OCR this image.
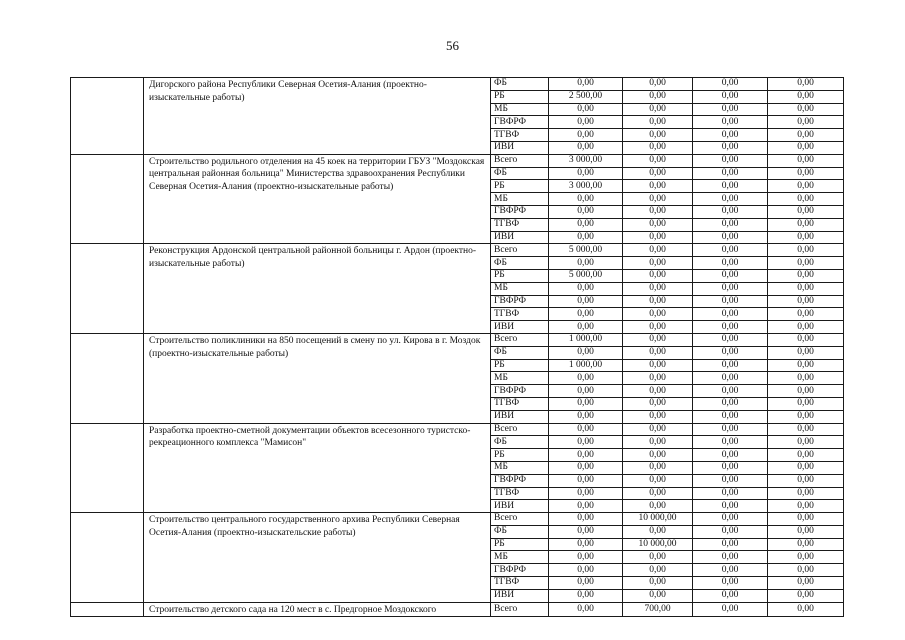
56
	Дигорского района Республики Северная Осетия-Алания (проектно-изыскательные работы)	ФБ	0,00	0,00	0,00	0,00
		РБ	2 500,00	0,00	0,00	0,00
		МБ	0,00	0,00	0,00	0,00
		ГВФРФ	0,00	0,00	0,00	0,00
		ТГВФ	0,00	0,00	0,00	0,00
		ИВИ	0,00	0,00	0,00	0,00
	Строительство родильного отделения на 45 коек на территории ГБУЗ "Моздокская центральная районная больница" Министерства здравоохранения Республики Северная Осетия-Алания (проектно-изыскательные работы)	Всего	3 000,00	0,00	0,00	0,00
		ФБ	0,00	0,00	0,00	0,00
		РБ	3 000,00	0,00	0,00	0,00
		МБ	0,00	0,00	0,00	0,00
		ГВФРФ	0,00	0,00	0,00	0,00
		ТГВФ	0,00	0,00	0,00	0,00
		ИВИ	0,00	0,00	0,00	0,00
	Реконструкция Ардонской центральной районной больницы г. Ардон (проектно-изыскательные работы)	Всего	5 000,00	0,00	0,00	0,00
		ФБ	0,00	0,00	0,00	0,00
		РБ	5 000,00	0,00	0,00	0,00
		МБ	0,00	0,00	0,00	0,00
		ГВФРФ	0,00	0,00	0,00	0,00
		ТГВФ	0,00	0,00	0,00	0,00
		ИВИ	0,00	0,00	0,00	0,00
	Строительство поликлиники на 850 посещений в смену по ул. Кирова в г. Моздок (проектно-изыскательные работы)	Всего	1 000,00	0,00	0,00	0,00
		ФБ	0,00	0,00	0,00	0,00
		РБ	1 000,00	0,00	0,00	0,00
		МБ	0,00	0,00	0,00	0,00
		ГВФРФ	0,00	0,00	0,00	0,00
		ТГВФ	0,00	0,00	0,00	0,00
		ИВИ	0,00	0,00	0,00	0,00
	Разработка проектно-сметной документации объектов всесезонного туристско-рекреационного комплекса "Мамисон"	Всего	0,00	0,00	0,00	0,00
		ФБ	0,00	0,00	0,00	0,00
		РБ	0,00	0,00	0,00	0,00
		МБ	0,00	0,00	0,00	0,00
		ГВФРФ	0,00	0,00	0,00	0,00
		ТГВФ	0,00	0,00	0,00	0,00
		ИВИ	0,00	0,00	0,00	0,00
	Строительство центрального государственного архива Республики Северная Осетия-Алания (проектно-изыскательские работы)	Всего	0,00	10 000,00	0,00	0,00
		ФБ	0,00	0,00	0,00	0,00
		РБ	0,00	10 000,00	0,00	0,00
		МБ	0,00	0,00	0,00	0,00
		ГВФРФ	0,00	0,00	0,00	0,00
		ТГВФ	0,00	0,00	0,00	0,00
		ИВИ	0,00	0,00	0,00	0,00
	Строительство детского сада на 120 мест в с. Предгорное Моздокского	Всего	0,00	700,00	0,00	0,00
